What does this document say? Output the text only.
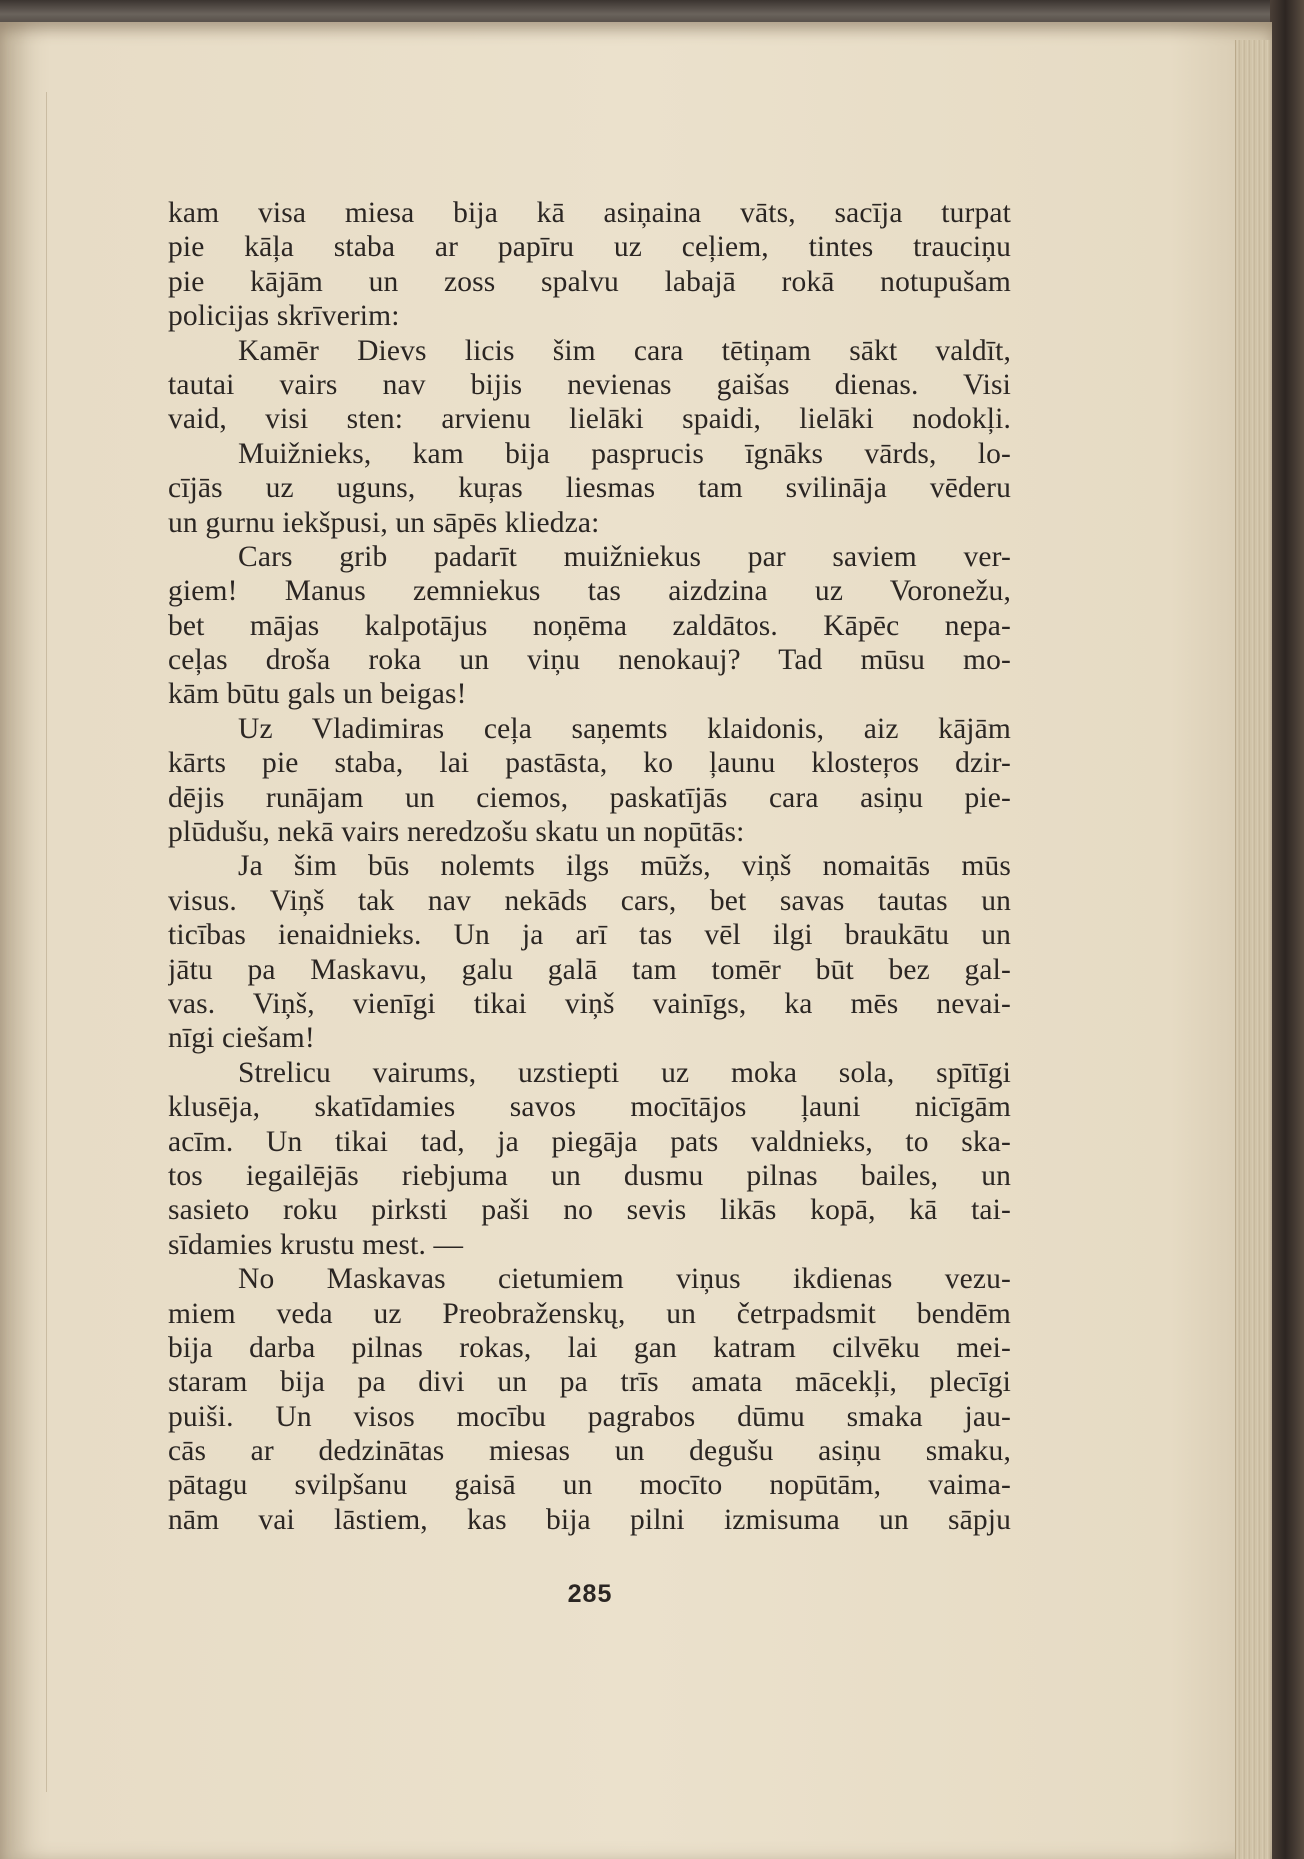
kam visa miesa bija kā asiņaina vāts, sacīja turpat
pie kāļa staba ar papīru uz ceļiem, tintes trauciņu
pie kājām un zoss spalvu labajā rokā notupušam
policijas skrīverim:
Kamēr Dievs licis šim cara tētiņam sākt valdīt,
tautai vairs nav bijis nevienas gaišas dienas. Visi
vaid, visi sten: arvienu lielāki spaidi, lielāki nodokļi.
Muižnieks, kam bija pasprucis īgnāks vārds, lo-
cījās uz uguns, kuŗas liesmas tam svilināja vēderu
un gurnu iekšpusi, un sāpēs kliedza:
Cars grib padarīt muižniekus par saviem ver-
giem! Manus zemniekus tas aizdzina uz Voronežu,
bet mājas kalpotājus noņēma zaldātos. Kāpēc nepa-
ceļas droša roka un viņu nenokauj? Tad mūsu mo-
kām būtu gals un beigas!
Uz Vladimiras ceļa saņemts klaidonis, aiz kājām
kārts pie staba, lai pastāsta, ko ļaunu klosteŗos dzir-
dējis runājam un ciemos, paskatījās cara asiņu pie-
plūdušu, nekā vairs neredzošu skatu un nopūtās:
Ja šim būs nolemts ilgs mūžs, viņš nomaitās mūs
visus. Viņš tak nav nekāds cars, bet savas tautas un
ticības ienaidnieks. Un ja arī tas vēl ilgi braukātu un
jātu pa Maskavu, galu galā tam tomēr būt bez gal-
vas. Viņš, vienīgi tikai viņš vainīgs, ka mēs nevai-
nīgi ciešam!
Strelicu vairums, uzstiepti uz moka sola, spītīgi
klusēja, skatīdamies savos mocītājos ļauni nicīgām
acīm. Un tikai tad, ja piegāja pats valdnieks, to ska-
tos iegailējās riebjuma un dusmu pilnas bailes, un
sasieto roku pirksti paši no sevis likās kopā, kā tai-
sīdamies krustu mest. —
No Maskavas cietumiem viņus ikdienas vezu-
miem veda uz Preobraženskų, un četrpadsmit bendēm
bija darba pilnas rokas, lai gan katram cilvēku mei-
staram bija pa divi un pa trīs amata mācekļi, plecīgi
puiši. Un visos mocību pagrabos dūmu smaka jau-
cās ar dedzinātas miesas un degušu asiņu smaku,
pātagu svilpšanu gaisā un mocīto nopūtām, vaima-
nām vai lāstiem, kas bija pilni izmisuma un sāpju
285
